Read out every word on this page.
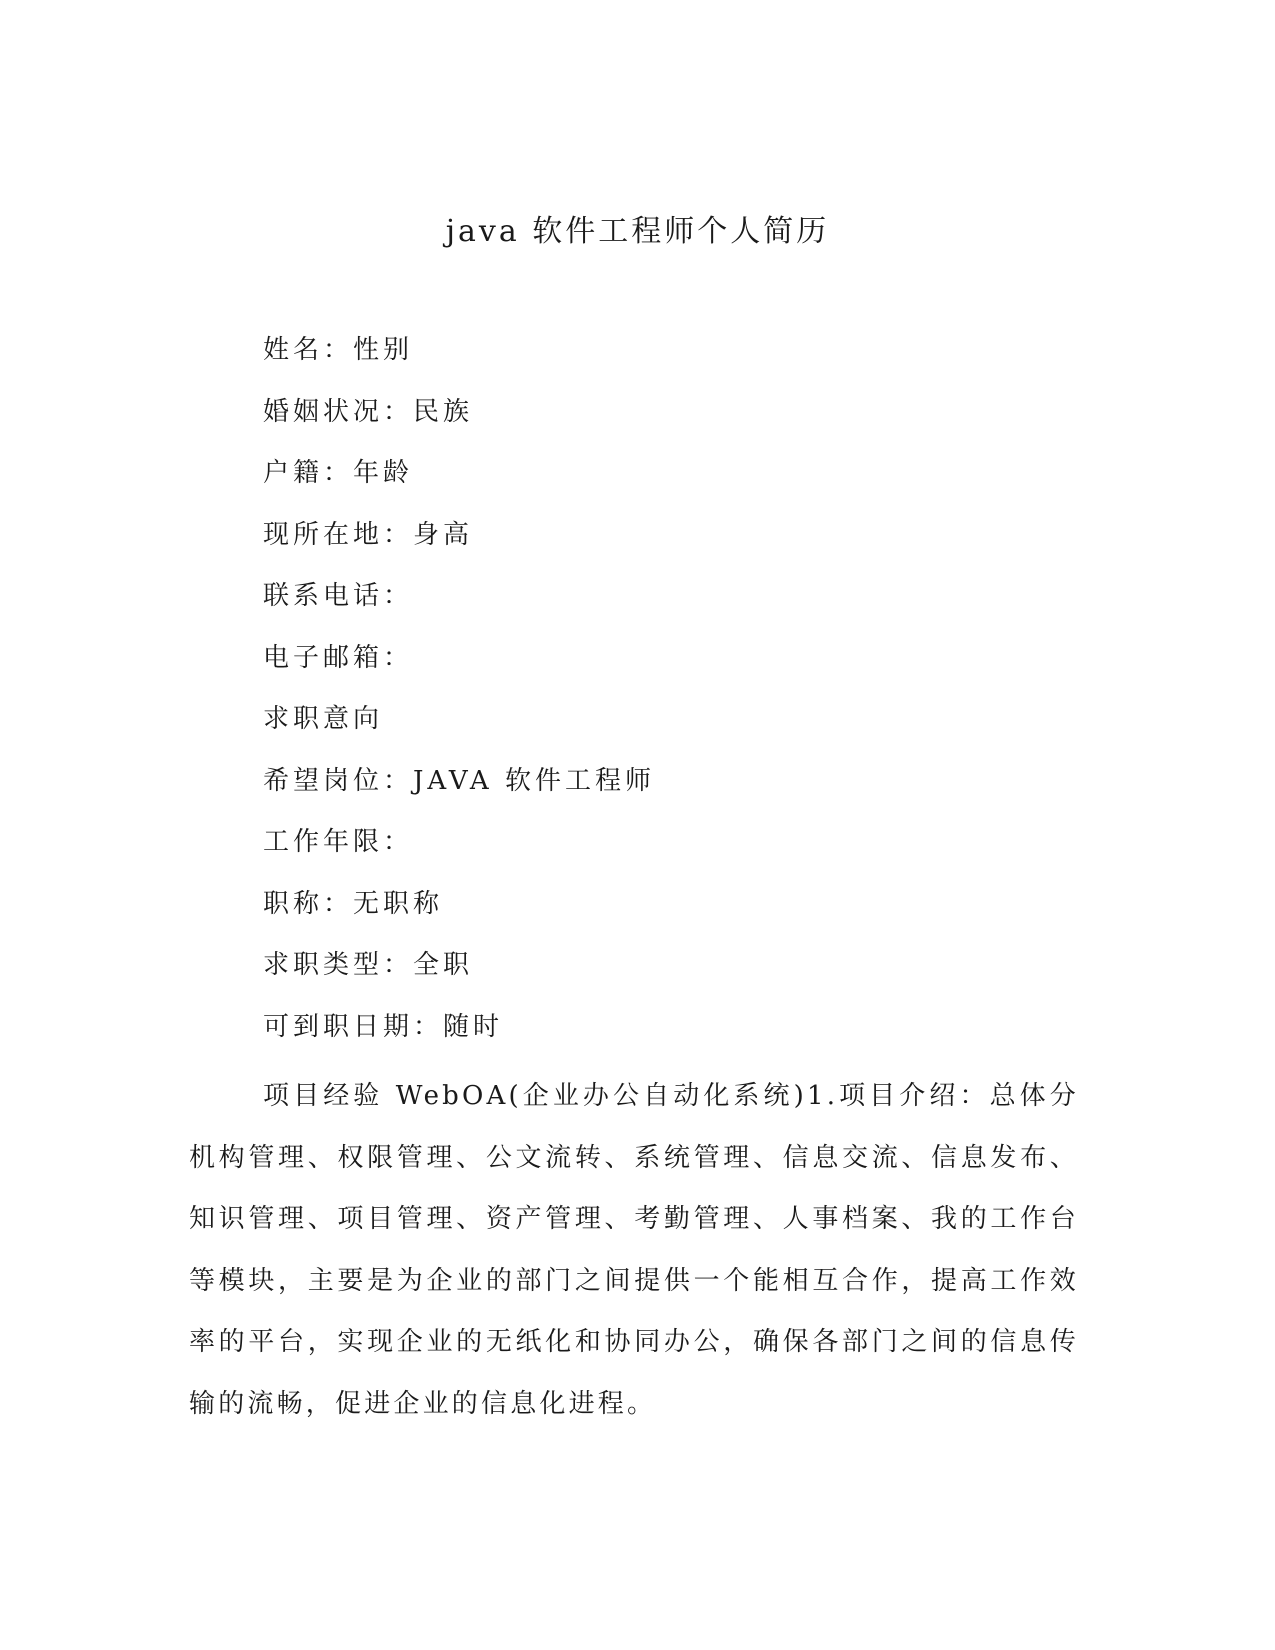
java 软件工程师个人简历
姓名：性别
婚姻状况：民族
户籍：年龄
现所在地：身高
联系电话：
电子邮箱：
求职意向
希望岗位：JAVA 软件工程师
工作年限：
职称：无职称
求职类型：全职
可到职日期：随时

项目经验 WebOA(企业办公自动化系统)1.项目介绍：总体分机构管理、权限管理、公文流转、系统管理、信息交流、信息发布、知识管理、项目管理、资产管理、考勤管理、人事档案、我的工作台等模块，主要是为企业的部门之间提供一个能相互合作，提高工作效率的平台，实现企业的无纸化和协同办公，确保各部门之间的信息传输的流畅，促进企业的信息化进程。
